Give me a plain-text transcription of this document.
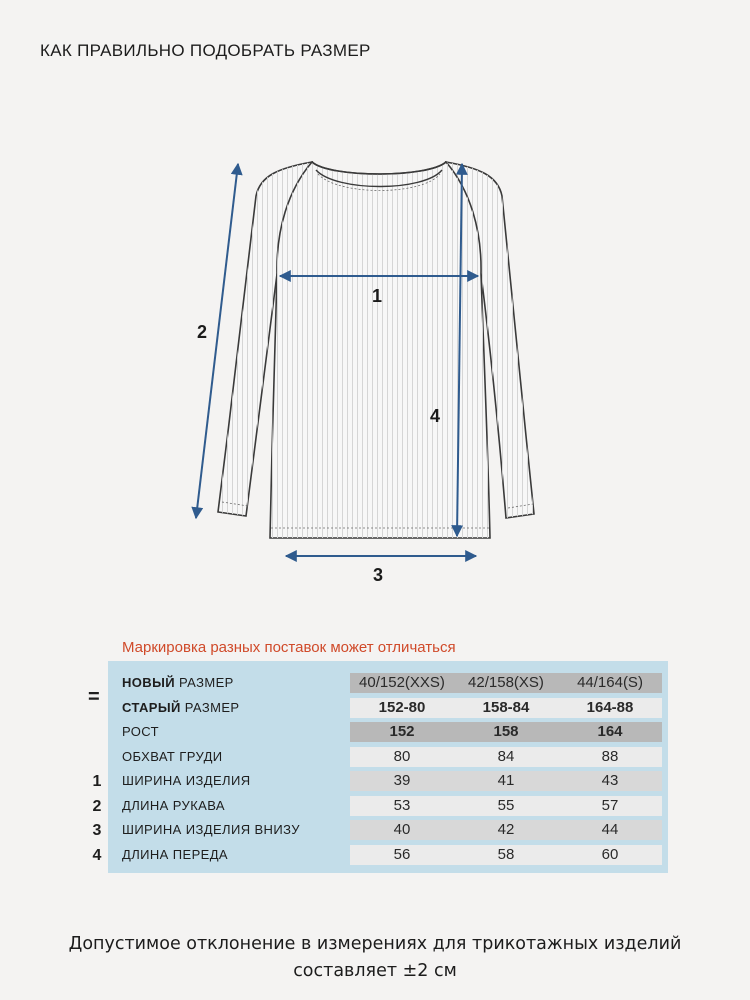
КАК ПРАВИЛЬНО ПОДОБРАТЬ РАЗМЕР
1
2
3
4
Маркировка разных поставок может отличаться
=
НОВЫЙ РАЗМЕР	40/152(XXS)	42/158(XS)	44/164(S)
СТАРЫЙ РАЗМЕР	152-80	158-84	164-88
РОСТ	152	158	164
ОБХВАТ ГРУДИ	80	84	88
ШИРИНА ИЗДЕЛИЯ	39	41	43
ДЛИНА РУКАВА	53	55	57
ШИРИНА ИЗДЕЛИЯ ВНИЗУ	40	42	44
ДЛИНА ПЕРЕДА	56	58	60
1
2
3
4
Допустимое отклонение в измерениях для трикотажных изделий
составляет ±2 см
